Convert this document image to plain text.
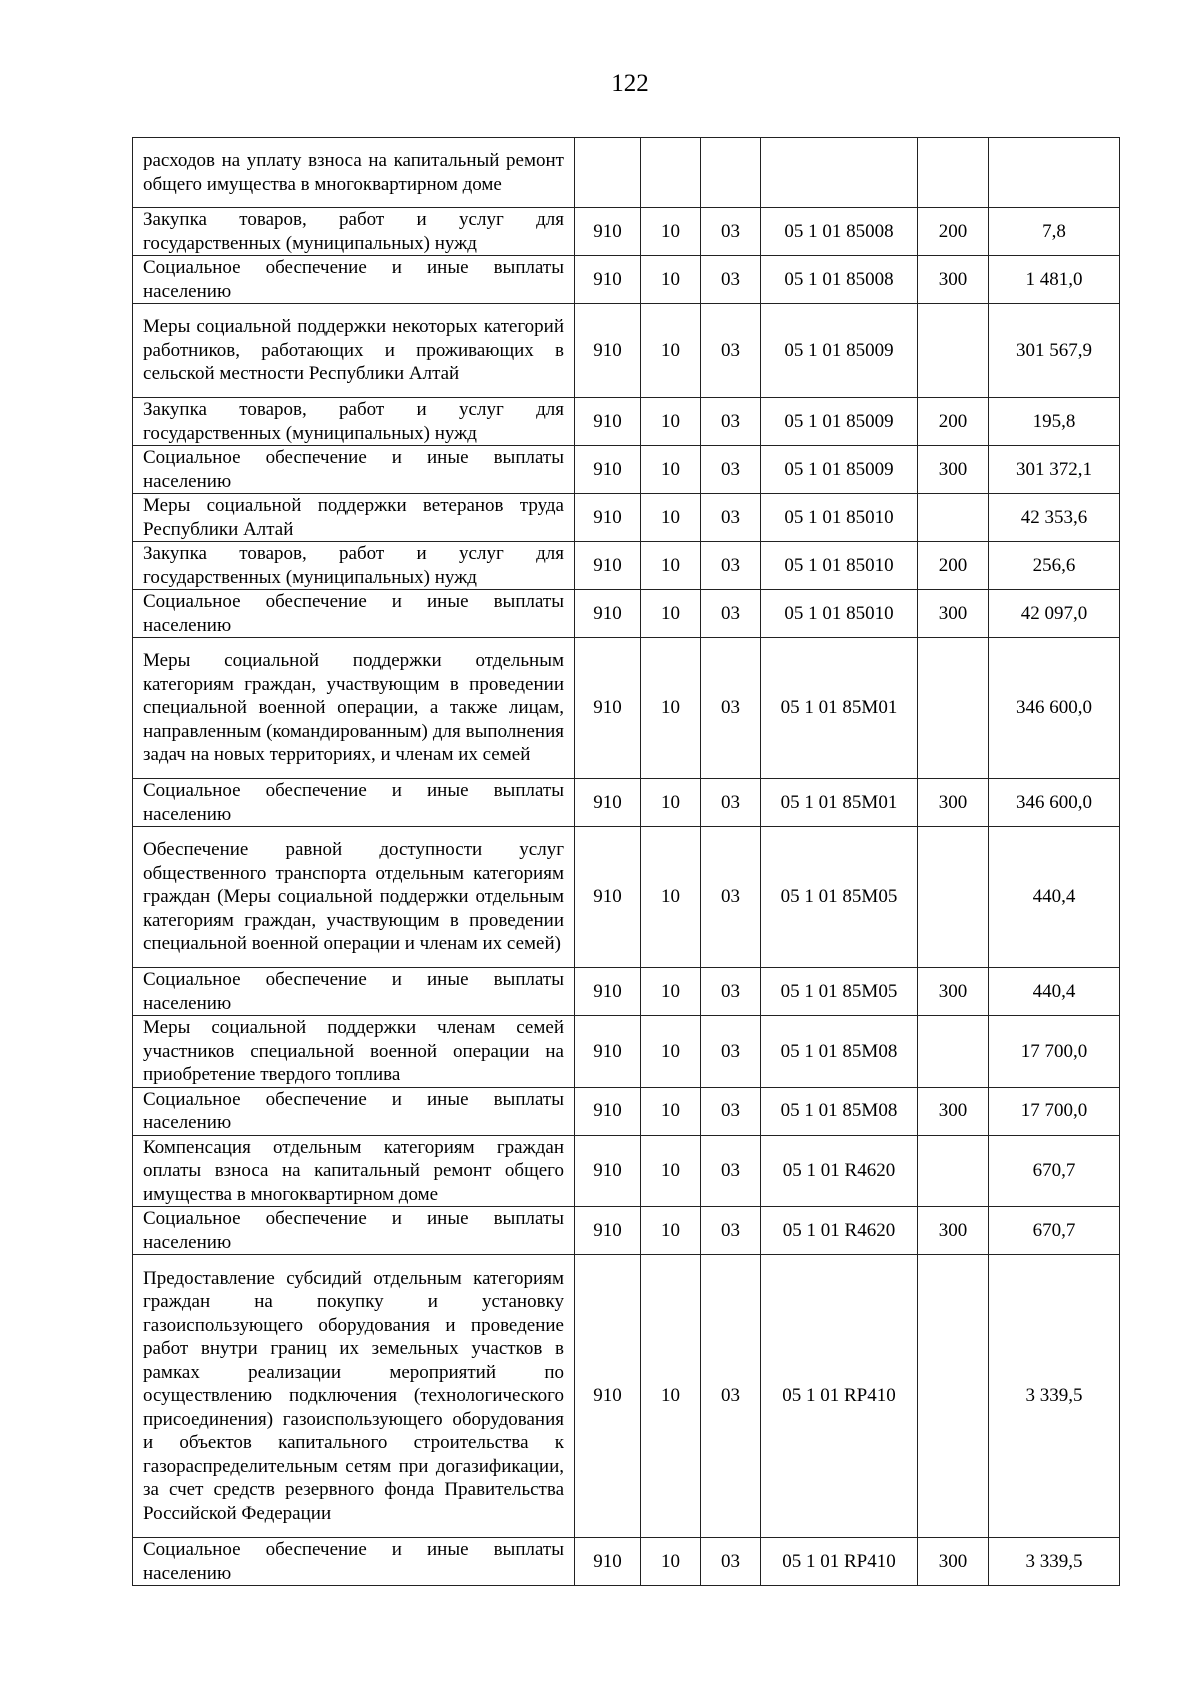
122
расходов на уплату взноса на капитальный ремонт общего имущества в многоквартирном доме						
Закупка товаров, работ и услуг для государственных (муниципальных) нужд	910	10	03	05 1 01 85008	200	7,8
Социальное обеспечение и иные выплаты населению	910	10	03	05 1 01 85008	300	1 481,0
Меры социальной поддержки некоторых категорий работников, работающих и проживающих в сельской местности Республики Алтай	910	10	03	05 1 01 85009		301 567,9
Закупка товаров, работ и услуг для государственных (муниципальных) нужд	910	10	03	05 1 01 85009	200	195,8
Социальное обеспечение и иные выплаты населению	910	10	03	05 1 01 85009	300	301 372,1
Меры социальной поддержки ветеранов труда Республики Алтай	910	10	03	05 1 01 85010		42 353,6
Закупка товаров, работ и услуг для государственных (муниципальных) нужд	910	10	03	05 1 01 85010	200	256,6
Социальное обеспечение и иные выплаты населению	910	10	03	05 1 01 85010	300	42 097,0
Меры социальной поддержки отдельным категориям граждан, участвующим в проведении специальной военной операции, а также лицам, направленным (командированным) для выполнения задач на новых территориях, и членам их семей	910	10	03	05 1 01 85М01		346 600,0
Социальное обеспечение и иные выплаты населению	910	10	03	05 1 01 85М01	300	346 600,0
Обеспечение равной доступности услуг общественного транспорта отдельным категориям граждан (Меры социальной поддержки отдельным категориям граждан, участвующим в проведении специальной военной операции и членам их семей)	910	10	03	05 1 01 85М05		440,4
Социальное обеспечение и иные выплаты населению	910	10	03	05 1 01 85М05	300	440,4
Меры социальной поддержки членам семей участников специальной военной операции на приобретение твердого топлива	910	10	03	05 1 01 85М08		17 700,0
Социальное обеспечение и иные выплаты населению	910	10	03	05 1 01 85М08	300	17 700,0
Компенсация отдельным категориям граждан оплаты взноса на капитальный ремонт общего имущества в многоквартирном доме	910	10	03	05 1 01 R4620		670,7
Социальное обеспечение и иные выплаты населению	910	10	03	05 1 01 R4620	300	670,7
Предоставление субсидий отдельным категориям граждан на покупку и установку газоиспользующего оборудования и проведение работ внутри границ их земельных участков в рамках реализации мероприятий по осуществлению подключения (технологического присоединения) газоиспользующего оборудования и объектов капитального строительства к газораспределительным сетям при догазификации, за счет средств резервного фонда Правительства Российской Федерации	910	10	03	05 1 01 RP410		3 339,5
Социальное обеспечение и иные выплаты населению	910	10	03	05 1 01 RP410	300	3 339,5
